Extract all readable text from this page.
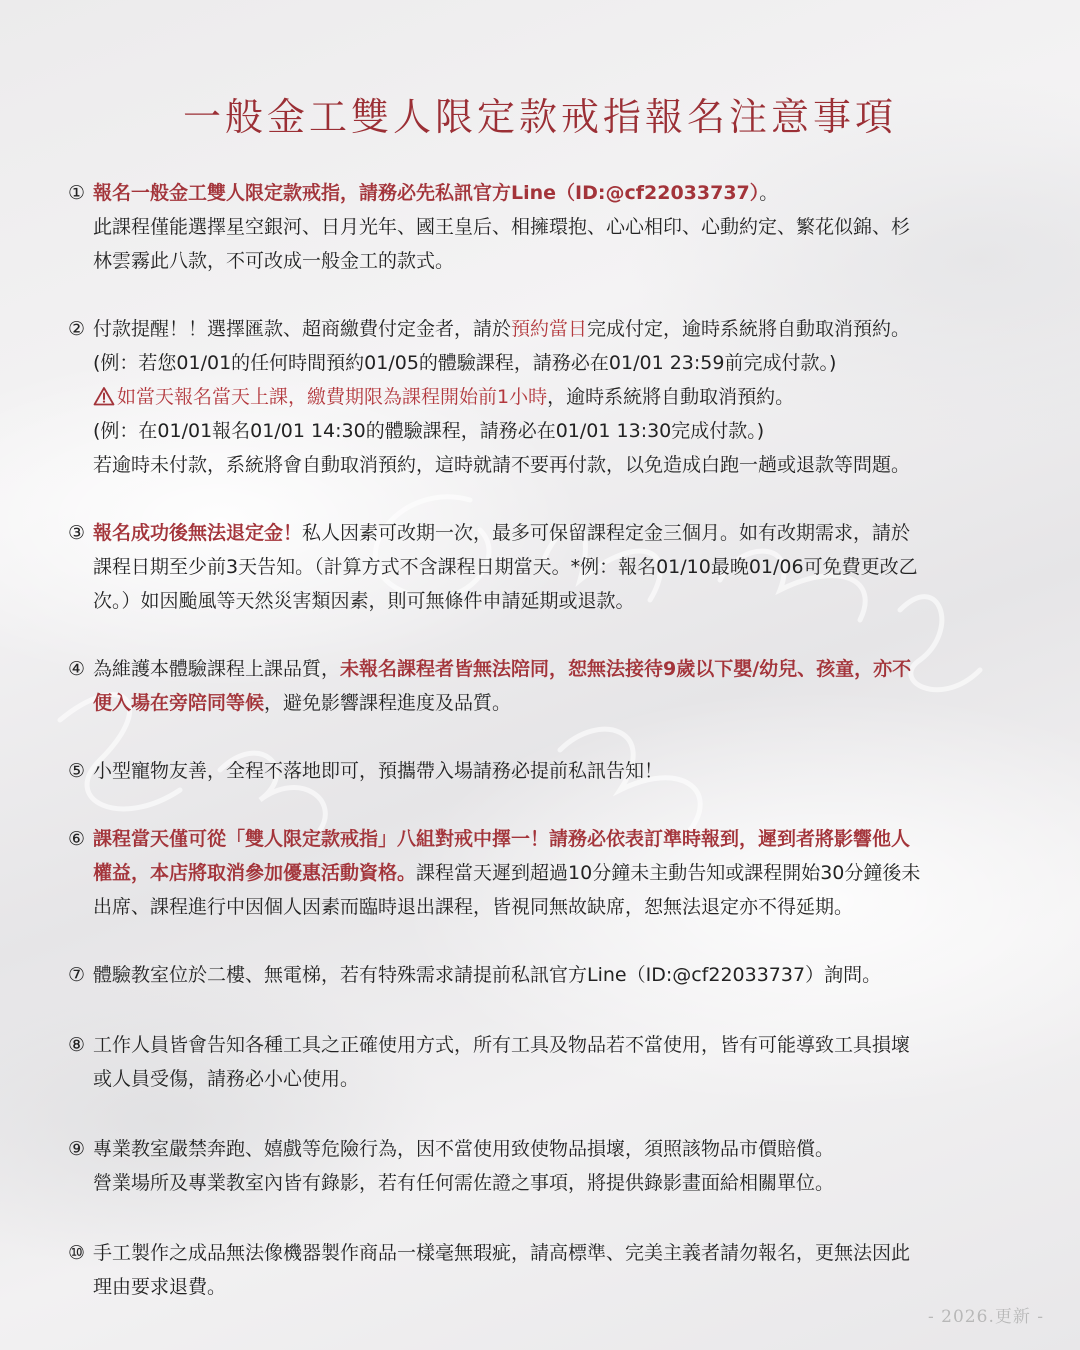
一般金工雙人限定款戒指報名注意事項
① 報名一般金工雙人限定款戒指，請務必先私訊官方Line（ID:@cf22033737）。

此課程僅能選擇星空銀河、日月光年、國王皇后、相擁環抱、心心相印、心動約定、繁花似錦、杉

林雲霧此八款，不可改成一般金工的款式。

② 付款提醒！！選擇匯款、超商繳費付定金者，請於預約當日完成付定，逾時系統將自動取消預約。

(例：若您01/01的任何時間預約01/05的體驗課程，請務必在01/01 23:59前完成付款。)

如當天報名當天上課，繳費期限為課程開始前1小時，逾時系統將自動取消預約。

(例：在01/01報名01/01 14:30的體驗課程，請務必在01/01 13:30完成付款。)

若逾時未付款，系統將會自動取消預約，這時就請不要再付款，以免造成白跑一趟或退款等問題。

③ 報名成功後無法退定金！私人因素可改期一次，最多可保留課程定金三個月。如有改期需求，請於

課程日期至少前3天告知。（計算方式不含課程日期當天。*例：報名01/10最晚01/06可免費更改乙

次。）如因颱風等天然災害類因素，則可無條件申請延期或退款。

④ 為維護本體驗課程上課品質，未報名課程者皆無法陪同，恕無法接待9歲以下嬰/幼兒、孩童，亦不

便入場在旁陪同等候，避免影響課程進度及品質。

⑤ 小型寵物友善，全程不落地即可，預攜帶入場請務必提前私訊告知！

⑥ 課程當天僅可從「雙人限定款戒指」八組對戒中擇一！請務必依表訂準時報到，遲到者將影響他人

權益，本店將取消參加優惠活動資格。課程當天遲到超過10分鐘未主動告知或課程開始30分鐘後未

出席、課程進行中因個人因素而臨時退出課程，皆視同無故缺席，恕無法退定亦不得延期。

⑦ 體驗教室位於二樓、無電梯，若有特殊需求請提前私訊官方Line（ID:@cf22033737）詢問。

⑧ 工作人員皆會告知各種工具之正確使用方式，所有工具及物品若不當使用，皆有可能導致工具損壞

或人員受傷，請務必小心使用。

⑨ 專業教室嚴禁奔跑、嬉戲等危險行為，因不當使用致使物品損壞，須照該物品市價賠償。

營業場所及專業教室內皆有錄影，若有任何需佐證之事項，將提供錄影畫面給相關單位。

⑩ 手工製作之成品無法像機器製作商品一樣毫無瑕疵，請高標準、完美主義者請勿報名，更無法因此

理由要求退費。

- 2026.更新 -
